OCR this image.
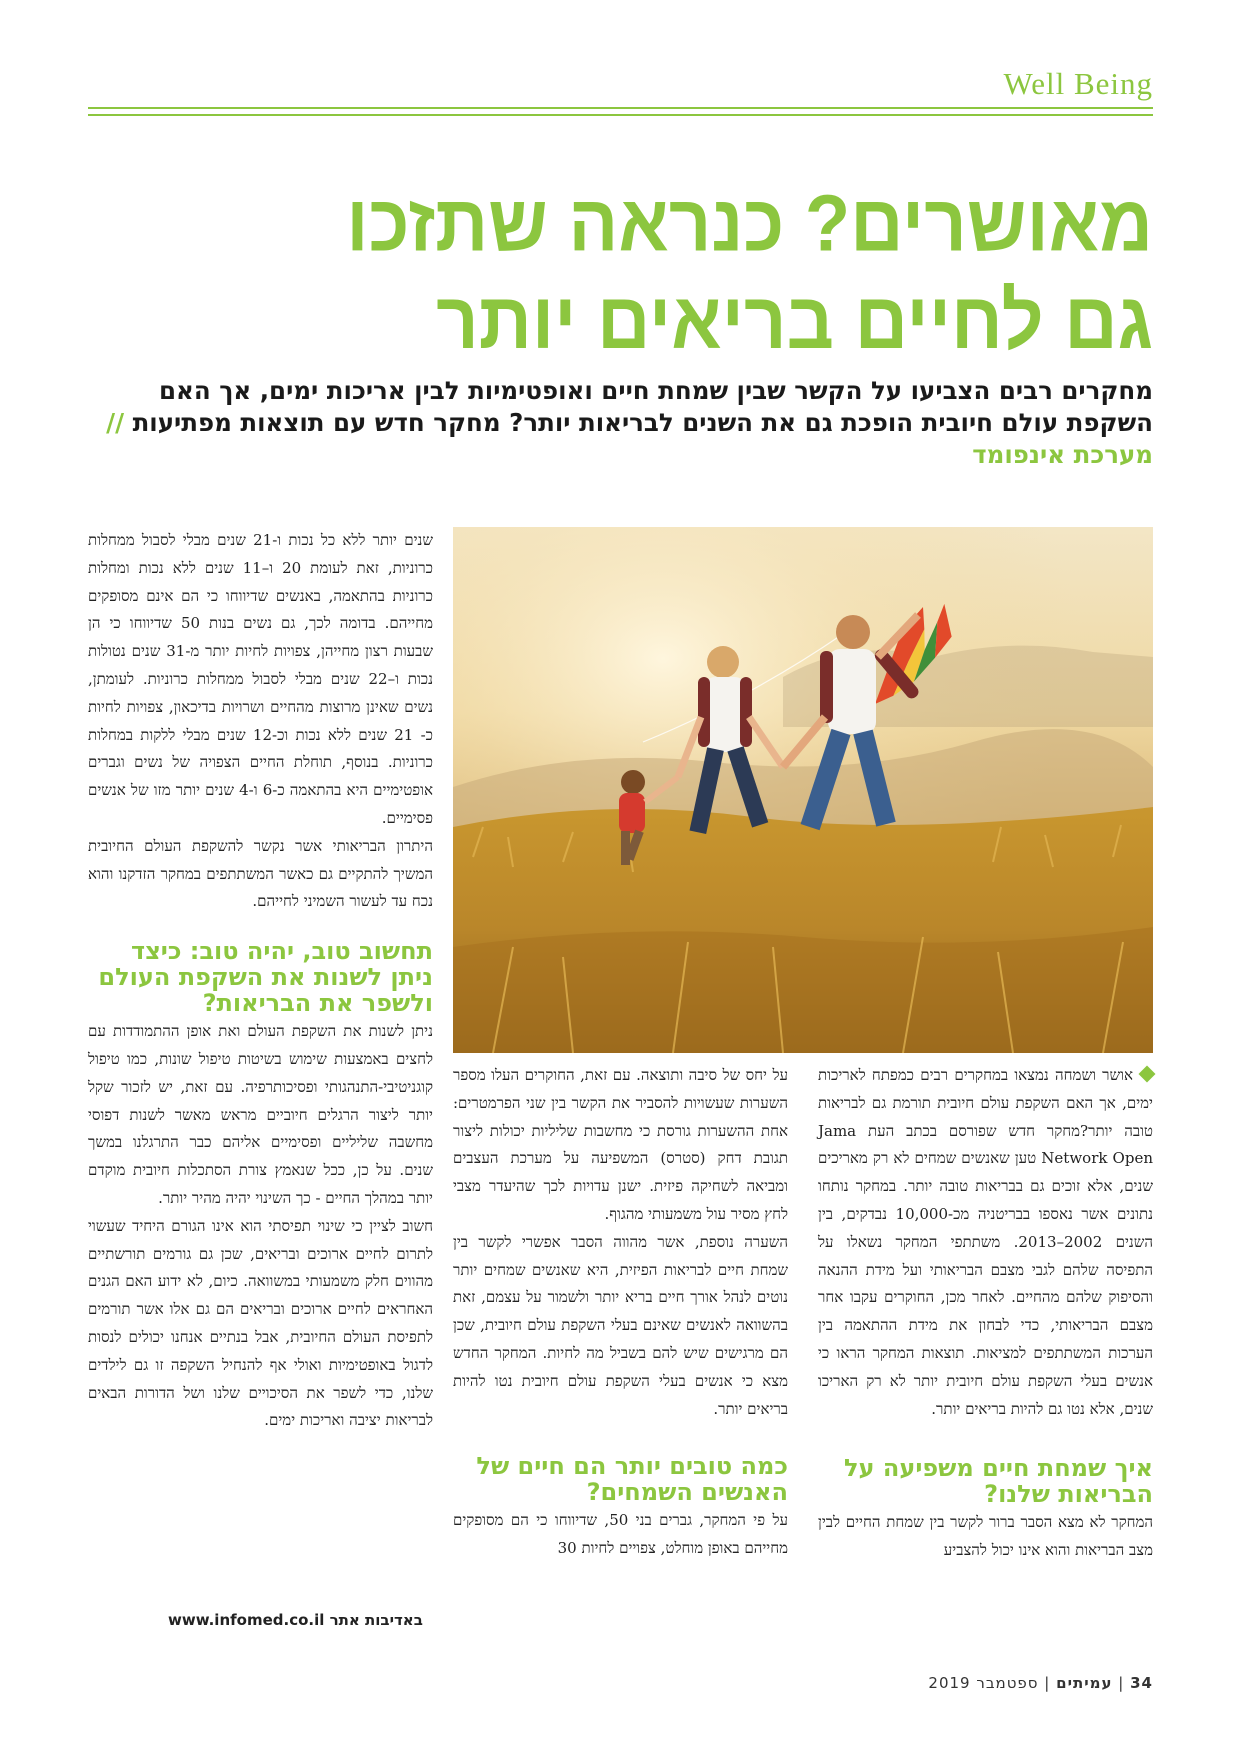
Well Being
מאושרים? כנראה שתזכו
גם לחיים בריאים יותר

מחקרים רבים הצביעו על הקשר שבין שמחת חיים ואופטימיות לבין אריכות ימים, אך האם השקפת עולם חיובית הופכת גם את השנים לבריאות יותר? מחקר חדש עם תוצאות מפתיעות // מערכת אינפומד

שנים יותר ללא כל נכות ו-21 שנים מבלי לסבול ממחלות כרוניות, זאת לעומת 20 ו–11 שנים ללא נכות ומחלות כרוניות בהתאמה, באנשים שדיווחו כי הם אינם מסופקים מחייהם. בדומה לכך, גם נשים בנות 50 שדיווחו כי הן שבעות רצון מחייהן, צפויות לחיות יותר מ-31 שנים נטולות נכות ו–22 שנים מבלי לסבול ממחלות כרוניות. לעומתן, נשים שאינן מרוצות מהחיים ושרויות בדיכאון, צפויות לחיות כ- 21 שנים ללא נכות וכ-12 שנים מבלי ללקות במחלות כרוניות. בנוסף, תוחלת החיים הצפויה של נשים וגברים אופטימיים היא בהתאמה כ-6 ו-4 שנים יותר מזו של אנשים פסימיים.

היתרון הבריאותי אשר נקשר להשקפת העולם החיובית המשיך להתקיים גם כאשר המשתתפים במחקר הזדקנו והוא נכח עד לעשור השמיני לחייהם.

תחשוב טוב, יהיה טוב: כיצד ניתן לשנות את השקפת העולם ולשפר את הבריאות?

ניתן לשנות את השקפת העולם ואת אופן ההתמודדות עם לחצים באמצעות שימוש בשיטות טיפול שונות, כמו טיפול קוגניטיבי-התנהגותי ופסיכותרפיה. עם זאת, יש לזכור שקל יותר ליצור הרגלים חיוביים מראש מאשר לשנות דפוסי מחשבה שליליים ופסימיים אליהם כבר התרגלנו במשך שנים. על כן, ככל שנאמץ צורת הסתכלות חיובית מוקדם יותר במהלך החיים - כך השינוי יהיה מהיר יותר.

חשוב לציין כי שינוי תפיסתי הוא אינו הגורם היחיד שעשוי לתרום לחיים ארוכים ובריאים, שכן גם גורמים תורשתיים מהווים חלק משמעותי במשוואה. כיום, לא ידוע האם הגנים האחראים לחיים ארוכים ובריאים הם גם אלו אשר תורמים לתפיסת העולם החיובית, אבל בנתיים אנחנו יכולים לנסות לדגול באופטימיות ואולי אף להנחיל השקפה זו גם לילדים שלנו, כדי לשפר את הסיכויים שלנו ושל הדורות הבאים לבריאות יציבה ואריכות ימים.

על יחס של סיבה ותוצאה. עם זאת, החוקרים העלו מספר השערות שעשויות להסביר את הקשר בין שני הפרמטרים: אחת ההשערות גורסת כי מחשבות שליליות יכולות ליצור תגובת דחק (סטרס) המשפיעה על מערכת העצבים ומביאה לשחיקה פיזית. ישנן עדויות לכך שהיעדר מצבי לחץ מסיר עול משמעותי מהגוף.

השערה נוספת, אשר מהווה הסבר אפשרי לקשר בין שמחת חיים לבריאות הפיזית, היא שאנשים שמחים יותר נוטים לנהל אורך חיים בריא יותר ולשמור על עצמם, זאת בהשוואה לאנשים שאינם בעלי השקפת עולם חיובית, שכן הם מרגישים שיש להם בשביל מה לחיות. המחקר החדש מצא כי אנשים בעלי השקפת עולם חיובית נטו להיות בריאים יותר.

כמה טובים יותר הם חיים של האנשים השמחים?

על פי המחקר, גברים בני 50, שדיווחו כי הם מסופקים מחייהם באופן מוחלט, צפויים לחיות 30

אושר ושמחה נמצאו במחקרים רבים כמפתח לאריכות ימים, אך האם השקפת עולם חיובית תורמת גם לבריאות טובה יותר?מחקר חדש שפורסם בכתב העת Jama Network Open טען שאנשים שמחים לא רק מאריכים שנים, אלא זוכים גם בבריאות טובה יותר. במחקר נותחו נתונים אשר נאספו בבריטניה מכ-10,000 נבדקים, בין השנים 2002–2013. משתתפי המחקר נשאלו על התפיסה שלהם לגבי מצבם הבריאותי ועל מידת ההנאה והסיפוק שלהם מהחיים. לאחר מכן, החוקרים עקבו אחר מצבם הבריאותי, כדי לבחון את מידת ההתאמה בין הערכות המשתתפים למציאות. תוצאות המחקר הראו כי אנשים בעלי השקפת עולם חיובית יותר לא רק האריכו שנים, אלא נטו גם להיות בריאים יותר.

איך שמחת חיים משפיעה על הבריאות שלנו?

המחקר לא מצא הסבר ברור לקשר בין שמחת החיים לבין מצב הבריאות והוא אינו יכול להצביע

באדיבות אתר www.infomed.co.il
34 | עמיתים | ספטמבר 2019
